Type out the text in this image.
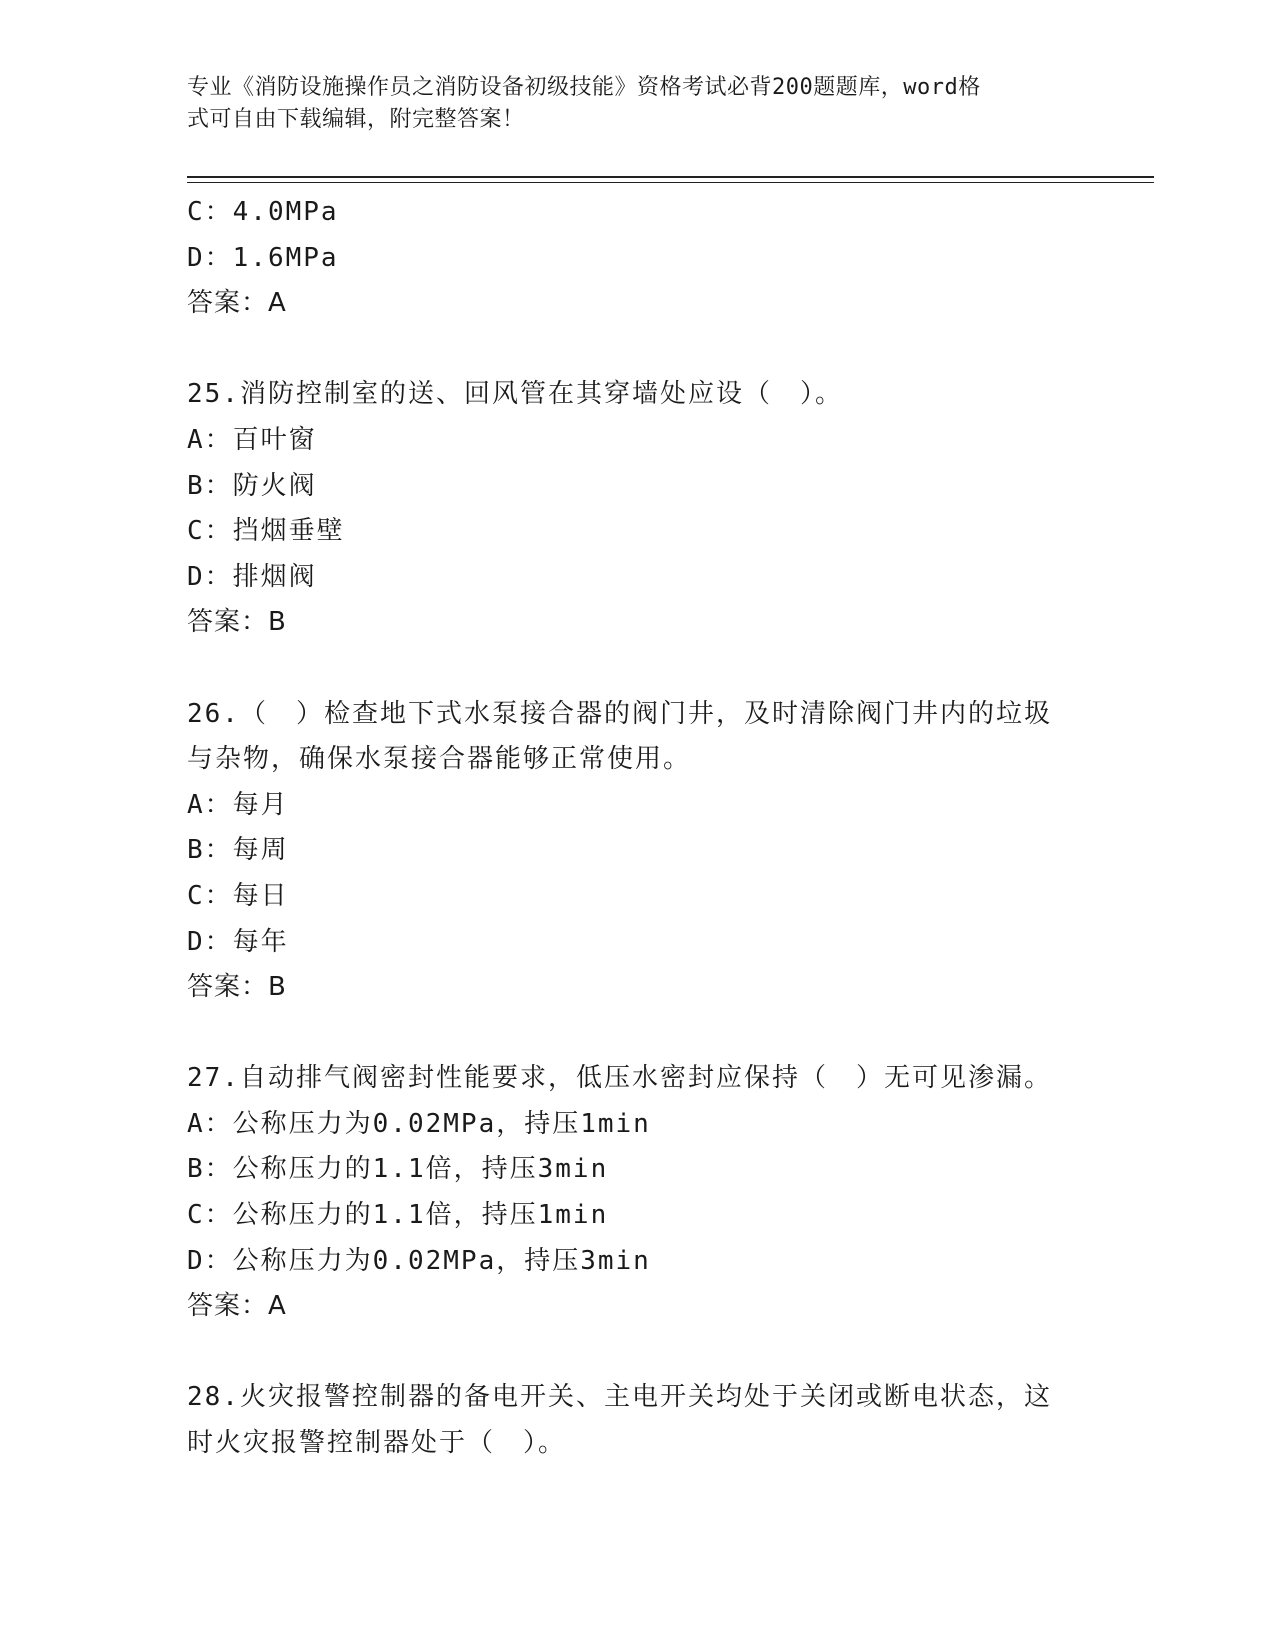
专业《消防设施操作员之消防设备初级技能》资格考试必背200题题库，word格
式可自由下载编辑，附完整答案！
C：4.0MPa
D：1.6MPa
答案：A
25.消防控制室的送、回风管在其穿墙处应设（　）。
A：百叶窗
B：防火阀
C：挡烟垂壁
D：排烟阀
答案：B
26.（　）检查地下式水泵接合器的阀门井，及时清除阀门井内的垃圾
与杂物，确保水泵接合器能够正常使用。
A：每月
B：每周
C：每日
D：每年
答案：B
27.自动排气阀密封性能要求，低压水密封应保持（　）无可见渗漏。
A：公称压力为0.02MPa，持压1min
B：公称压力的1.1倍，持压3min
C：公称压力的1.1倍，持压1min
D：公称压力为0.02MPa，持压3min
答案：A
28.火灾报警控制器的备电开关、主电开关均处于关闭或断电状态，这
时火灾报警控制器处于（　）。
